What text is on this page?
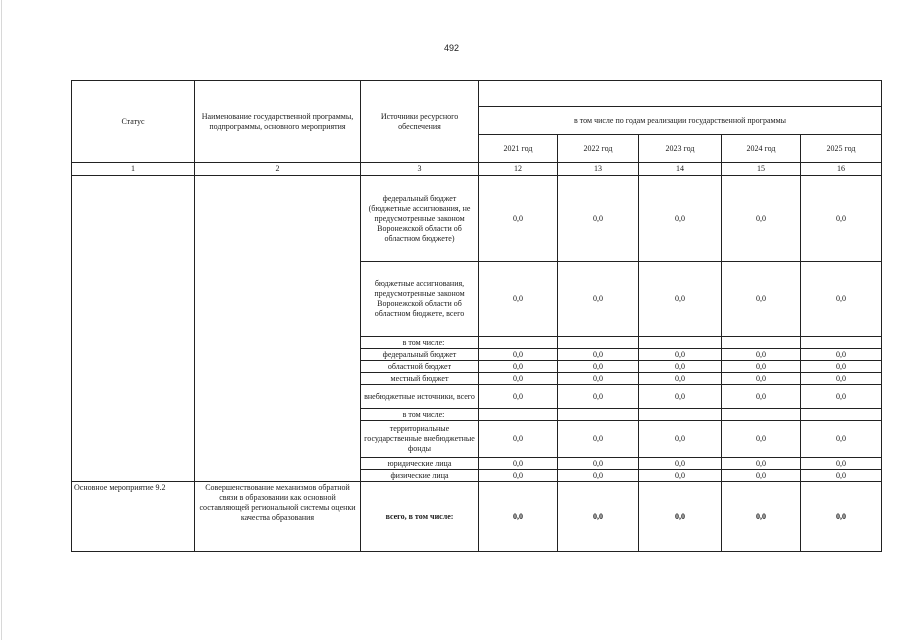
492
Статус	Наименование государственной программы, подпрограммы, основного мероприятия	Источники ресурсного обеспечения					
			в том числе по годам реализации государственной программы				
			2021 год	2022 год	2023 год	2024 год	2025 год
1	2	3	12	13	14	15	16
		федеральный бюджет (бюджетные ассигнования, не предусмотренные законом Воронежской области об областном бюджете)	0,0	0,0	0,0	0,0	0,0
		бюджетные ассигнования, предусмотренные законом Воронежской области об областном бюджете, всего	0,0	0,0	0,0	0,0	0,0
		в том числе:					
		федеральный бюджет	0,0	0,0	0,0	0,0	0,0
		областной бюджет	0,0	0,0	0,0	0,0	0,0
		местный бюджет	0,0	0,0	0,0	0,0	0,0
		внебюджетные источники, всего	0,0	0,0	0,0	0,0	0,0
		в том числе:					
		территориальные государственные внебюджетные фонды	0,0	0,0	0,0	0,0	0,0
		юридические лица	0,0	0,0	0,0	0,0	0,0
		физические лица	0,0	0,0	0,0	0,0	0,0
Основное мероприятие 9.2	Совершенствование механизмов обратной связи в образовании как основной составляющей региональной системы оценки качества образования	всего, в том числе:	0,0	0,0	0,0	0,0	0,0
